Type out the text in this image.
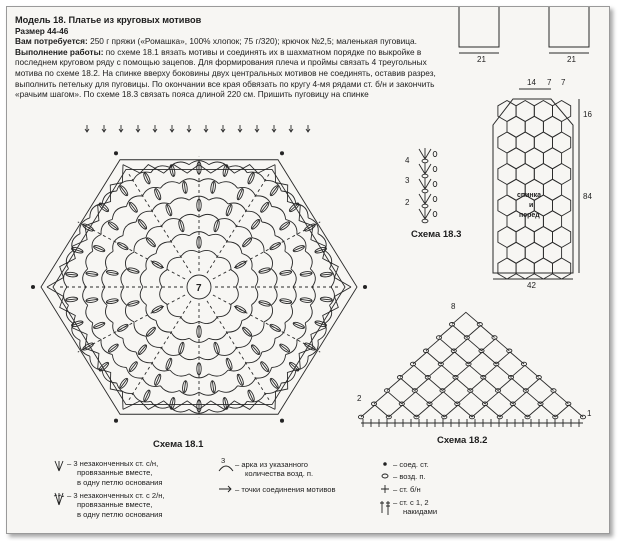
Модель 18. Платье из круговых мотивов

Размер 44-46

Вам потребуется: 250 г пряжи («Ромашка», 100% хлопок; 75 г/320); крючок №2,5; маленькая пуговица.

Выполнение работы: по схеме 18.1 вязать мотивы и соединять их в шахматном порядке по выкройке в последнем круговом ряду с помощью зацепов. Для формирования плеча и проймы связать 4 треугольных мотива по схеме 18.2. На спинке вверху боковины двух центральных мотивов не соединять, оставив разрез, выполнить петельку для пуговицы. По окончании все края обвязать по кругу 4-мя рядами ст. б/н и закончить «рачьим шагом». По схеме 18.3 связать пояса длиной 220 см. Пришить пуговицу на спинке

7
Схема 18.1
4
3
2
Схема 18.3
21	21
14 7 7
16
84
42
спинка
и
перед
8
2
1
Схема 18.2
– 3 незаконченных ст. с/н,
провязанные вместе,
в одну петлю основания
– 3 незаконченных ст. с 2/н,
провязанные вместе,
в одну петлю основания
– арка из указанного
количества возд. п.
3
– точки соединения мотивов
– соед. ст.
– возд. п.
– ст. б/н
– ст. с 1, 2
накидами
